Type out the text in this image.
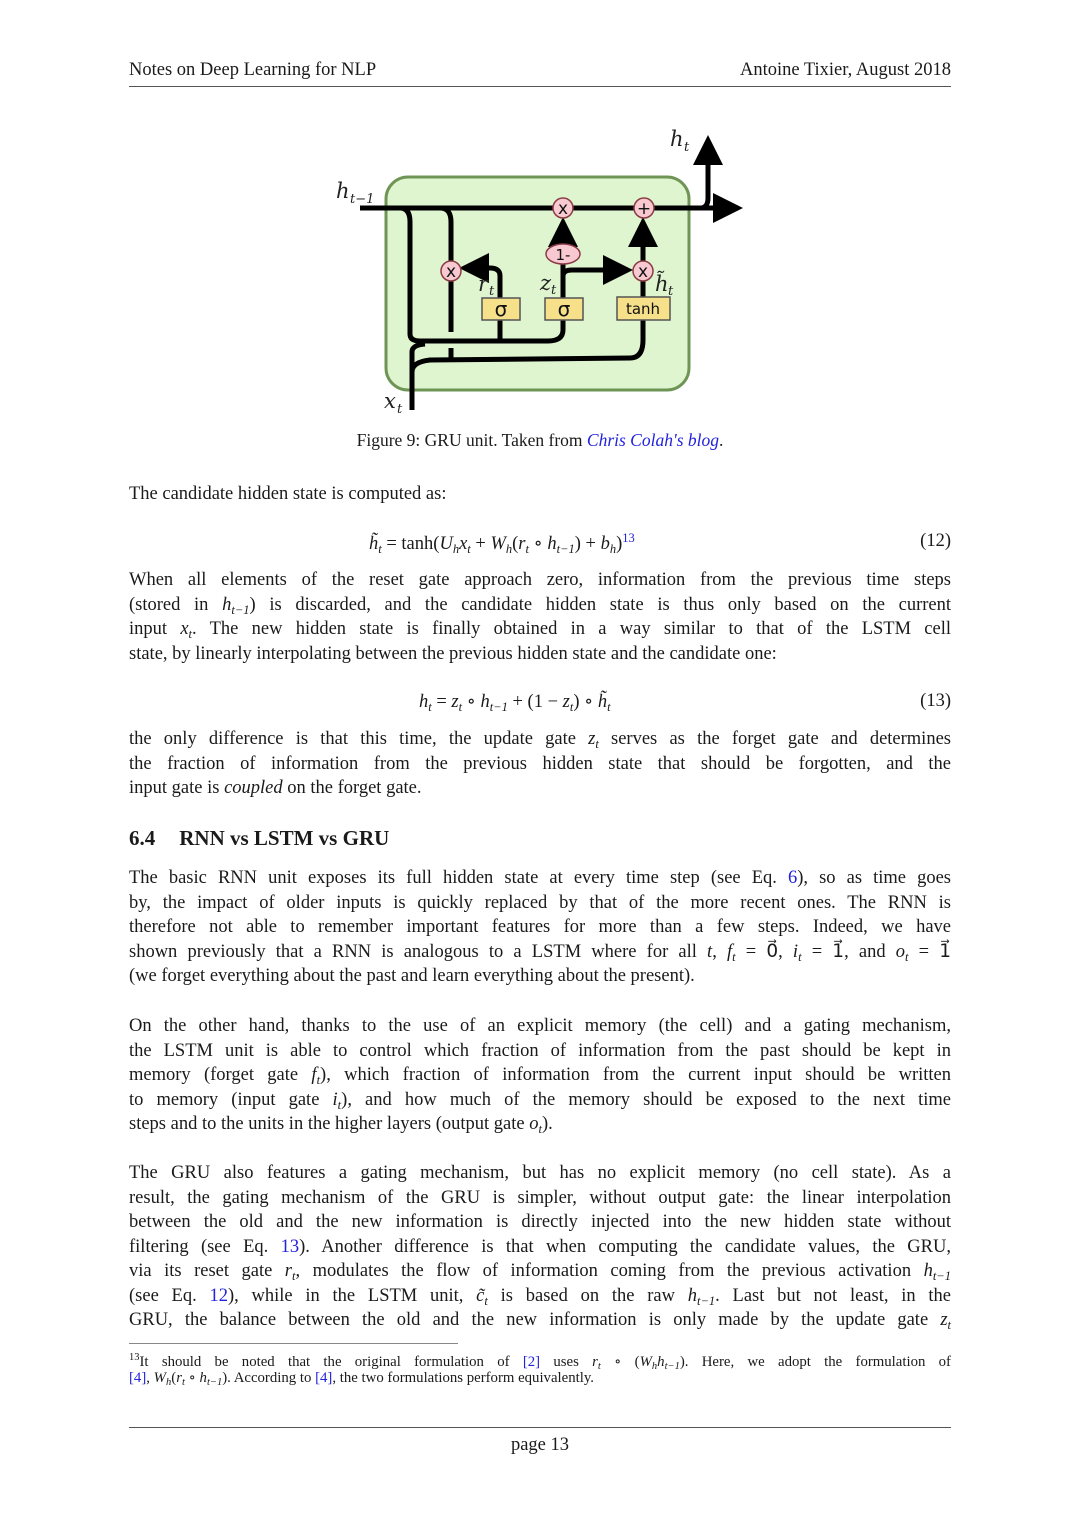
Notes on Deep Learning for NLP	Antoine Tixier, August 2018
x	+
1-
x	x
σ	σ	tanh
h t−1
h t
x t
r t z t	h̃ t
Figure 9: GRU unit. Taken from Chris Colah's blog.
The candidate hidden state is computed as:
$h̃_t = \tanh(U_hx_t + W_h(r_t$ ∘ $h_{t-1}) + b_h)^{13}$	(12)
When all elements of the reset gate approach zero, information from the previous time steps
(stored in $h_{t-1}$) is discarded, and the candidate hidden state is thus only based on the current
input $x_t$. The new hidden state is finally obtained in a way similar to that of the LSTM cell
state, by linearly interpolating between the previous hidden state and the candidate one:
$h_t = z_t$ ∘ $h_{t-1} + (1 - z_t)$ ∘ $h̃_t$	(13)
the only difference is that this time, the update gate $z_t$ serves as the forget gate and determines
the fraction of information from the previous hidden state that should be forgotten, and the
input gate is coupled on the forget gate.
6.4 RNN vs LSTM vs GRU
The basic RNN unit exposes its full hidden state at every time step (see Eq. 6), so as time goes
by, the impact of older inputs is quickly replaced by that of the more recent ones. The RNN is
therefore not able to remember important features for more than a few steps. Indeed, we have
shown previously that a RNN is analogous to a LSTM where for all t, $f_t$ = 0⃗, $i_t$ = 1⃗, and $o_t$ = 1⃗
(we forget everything about the past and learn everything about the present).
On the other hand, thanks to the use of an explicit memory (the cell) and a gating mechanism,
the LSTM unit is able to control which fraction of information from the past should be kept in
memory (forget gate $f_t$), which fraction of information from the current input should be written
to memory (input gate $i_t$), and how much of the memory should be exposed to the next time
steps and to the units in the higher layers (output gate $o_t$).
The GRU also features a gating mechanism, but has no explicit memory (no cell state). As a
result, the gating mechanism of the GRU is simpler, without output gate: the linear interpolation
between the old and the new information is directly injected into the new hidden state without
filtering (see Eq. 13). Another difference is that when computing the candidate values, the GRU,
via its reset gate $r_t$, modulates the flow of information coming from the previous activation $h_{t-1}$
(see Eq. 12), while in the LSTM unit, $c̃_t$ is based on the raw $h_{t-1}$. Last but not least, in the
GRU, the balance between the old and the new information is only made by the update gate $z_t$
$^{13}$It should be noted that the original formulation of [2] uses $r_t$ ∘ $(W_hh_{t-1})$. Here, we adopt the formulation of
[4], $W_h(r_t$ ∘ $h_{t-1}$). According to [4], the two formulations perform equivalently.
page 13
